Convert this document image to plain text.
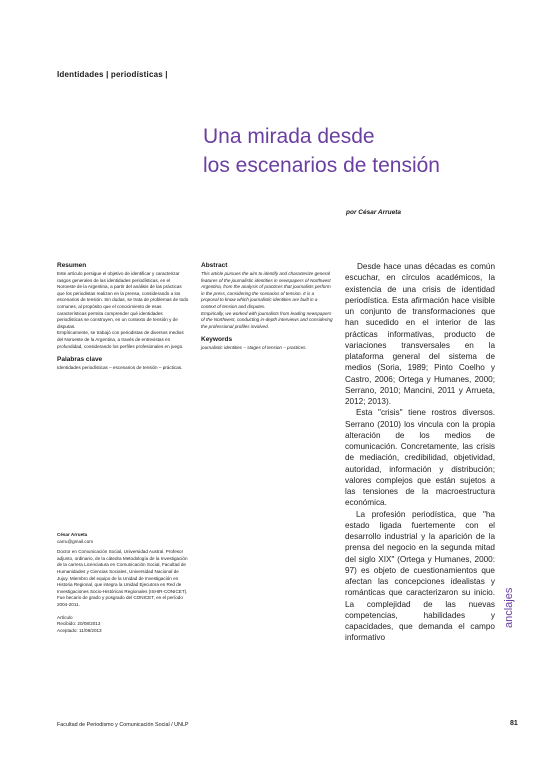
Identidades | periodísticas |
Una mirada desde
los escenarios de tensión
por César Arrueta

Resumen

Este artículo persigue el objetivo de identificar y caracterizar rasgos generales de las identidades periodísticas, en el Noroeste de la Argentina, a partir del análisis de las prácticas que los periodistas realizan en la prensa, considerando a los escenarios de tensión. Sin dudas, se trata de problemas de todo comunes, al propósito que el conocimiento de esas características permita comprender qué identidades periodísticas se construyen, en un contexto de tensión y de disputas.

Empíricamente, se trabajó con periodistas de diversos medios del Noroeste de la Argentina, a través de entrevistas en profundidad, considerando los perfiles profesionales en juego.

Palabras clave

Identidades periodísticas – escenarios de tensión – prácticas.

Abstract

This article pursues the aim to identify and characterize general features of the journalistic identities in newspapers of Northwest Argentina, from the analysis of practices that journalists perform in the press, considering the scenarios of tension. It is a proposal to know which journalistic identities are built in a context of tension and disputes.

Empirically, we worked with journalists from leading newspapers of the Northwest, conducting in-depth interviews and considering the professional profiles involved.

Keywords

journalistic identities – stages of tension – practices.

Desde hace unas décadas es común escuchar, en círculos académicos, la existencia de una crisis de identidad periodística. Esta afirmación hace visible un conjunto de transformaciones que han sucedido en el interior de las prácticas informativas, producto de variaciones transversales en la plataforma general del sistema de medios (Soria, 1989; Pinto Coelho y Castro, 2006; Ortega y Humanes, 2000; Serrano, 2010; Mancini, 2011 y Arrueta, 2012; 2013).

Esta "crisis" tiene rostros diversos. Serrano (2010) los vincula con la propia alteración de los medios de comunicación. Concretamente, las crisis de mediación, credibilidad, objetividad, autoridad, información y distribución; valores complejos que están sujetos a las tensiones de la macroestructura económica.

La profesión periodística, que "ha estado ligada fuertemente con el desarrollo industrial y la aparición de la prensa del negocio en la segunda mitad del siglo XIX" (Ortega y Humanes, 2000: 97) es objeto de cuestionamientos que afectan las concepciones idealistas y románticas que caracterizaron su inicio. La complejidad de las nuevas competencias, habilidades y capacidades, que demanda el campo informativo

César Arrueta
carru@gmail.com
Doctor en Comunicación Social, Universidad Austral. Profesor adjunto, ordinario, de la cátedra Metodología de la Investigación de la carrera Licenciatura en Comunicación Social, Facultad de Humanidades y Ciencias Sociales, Universidad Nacional de Jujuy. Miembro del equipo de la Unidad de Investigación en Historia Regional, que integra la Unidad Ejecutora en Red de Investigaciones Socio-Históricas Regionales (ISHIR-CONICET). Fue becario de grado y posgrado del CONICET, en el período 2004-2011.
Artículo
Recibido: 20/08/2013
Aceptado: 11/08/2013
anclajes
Facultad de Periodismo y Comunicación Social / UNLP	81
